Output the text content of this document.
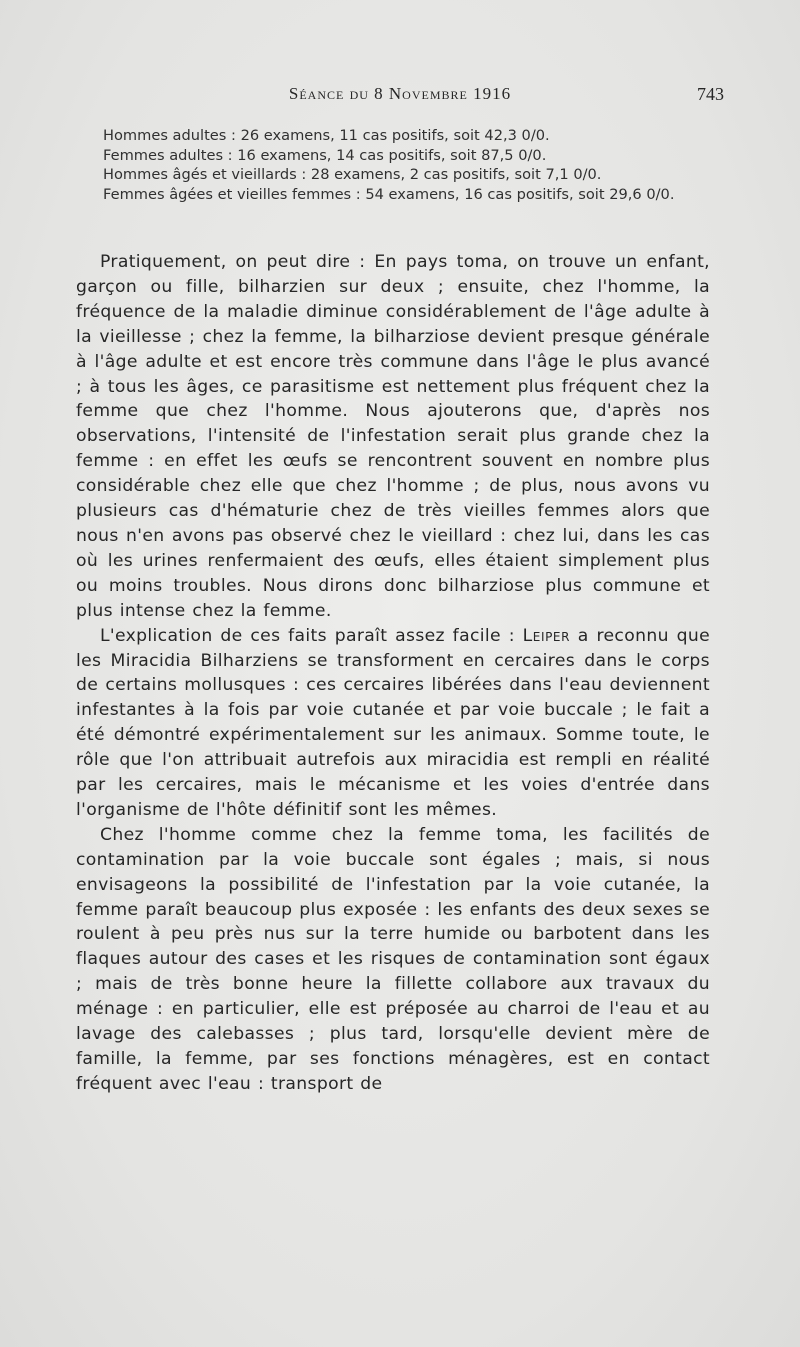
Séance du 8 Novembre 1916	743
Hommes adultes : 26 examens, 11 cas positifs, soit 42,3 0/0.
Femmes adultes : 16 examens, 14 cas positifs, soit 87,5 0/0.
Hommes âgés et vieillards : 28 examens, 2 cas positifs, soit 7,1 0/0.
Femmes âgées et vieilles femmes : 54 examens, 16 cas positifs, soit 29,6 0/0.

Pratiquement, on peut dire : En pays toma, on trouve un enfant, garçon ou fille, bilharzien sur deux ; ensuite, chez l'homme, la fréquence de la maladie diminue considérablement de l'âge adulte à la vieillesse ; chez la femme, la bilharziose devient presque générale à l'âge adulte et est encore très commune dans l'âge le plus avancé ; à tous les âges, ce parasitisme est nettement plus fréquent chez la femme que chez l'homme. Nous ajouterons que, d'après nos observations, l'intensité de l'infestation serait plus grande chez la femme : en effet les œufs se rencontrent souvent en nombre plus considérable chez elle que chez l'homme ; de plus, nous avons vu plusieurs cas d'hématurie chez de très vieilles femmes alors que nous n'en avons pas observé chez le vieillard : chez lui, dans les cas où les urines renfermaient des œufs, elles étaient simplement plus ou moins troubles. Nous dirons donc bilharziose plus commune et plus intense chez la femme.

L'explication de ces faits paraît assez facile : Leiper a reconnu que les Miracidia Bilharziens se transforment en cercaires dans le corps de certains mollusques : ces cercaires libérées dans l'eau deviennent infestantes à la fois par voie cutanée et par voie buccale ; le fait a été démontré expérimentalement sur les animaux. Somme toute, le rôle que l'on attribuait autrefois aux miracidia est rempli en réalité par les cercaires, mais le mécanisme et les voies d'entrée dans l'organisme de l'hôte définitif sont les mêmes.

Chez l'homme comme chez la femme toma, les facilités de contamination par la voie buccale sont égales ; mais, si nous envisageons la possibilité de l'infestation par la voie cutanée, la femme paraît beaucoup plus exposée : les enfants des deux sexes se roulent à peu près nus sur la terre humide ou barbotent dans les flaques autour des cases et les risques de contamination sont égaux ; mais de très bonne heure la fillette collabore aux travaux du ménage : en particulier, elle est préposée au charroi de l'eau et au lavage des calebasses ; plus tard, lorsqu'elle devient mère de famille, la femme, par ses fonctions ménagères, est en contact fréquent avec l'eau : transport de
